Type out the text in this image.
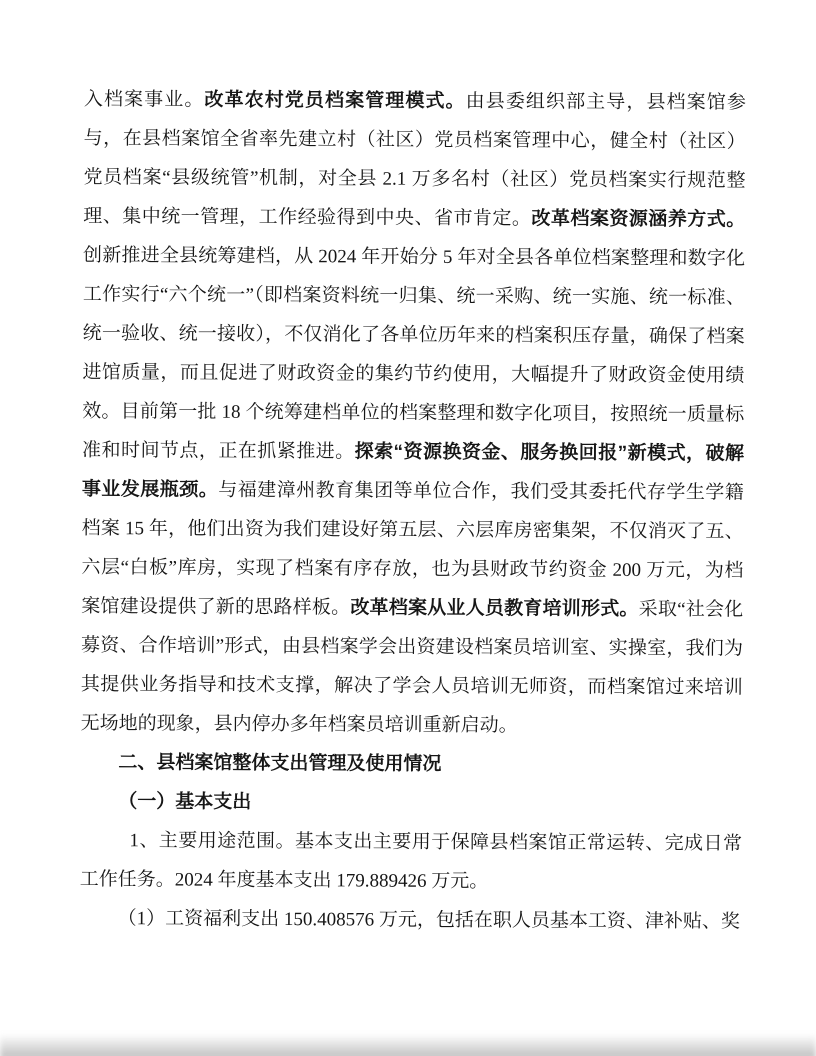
入档案事业。改革农村党员档案管理模式。由县委组织部主导，县档案馆参与，在县档案馆全省率先建立村（社区）党员档案管理中心，健全村（社区）党员档案“县级统管”机制，对全县 2.1 万多名村（社区）党员档案实行规范整理、集中统一管理，工作经验得到中央、省市肯定。改革档案资源涵养方式。创新推进全县统筹建档，从 2024 年开始分 5 年对全县各单位档案整理和数字化工作实行“六个统一”（即档案资料统一归集、统一采购、统一实施、统一标准、统一验收、统一接收），不仅消化了各单位历年来的档案积压存量，确保了档案进馆质量，而且促进了财政资金的集约节约使用，大幅提升了财政资金使用绩效。目前第一批 18 个统筹建档单位的档案整理和数字化项目，按照统一质量标准和时间节点，正在抓紧推进。探索“资源换资金、服务换回报”新模式，破解事业发展瓶颈。与福建漳州教育集团等单位合作，我们受其委托代存学生学籍档案 15 年，他们出资为我们建设好第五层、六层库房密集架，不仅消灭了五、六层“白板”库房，实现了档案有序存放，也为县财政节约资金 200 万元，为档案馆建设提供了新的思路样板。改革档案从业人员教育培训形式。采取“社会化募资、合作培训”形式，由县档案学会出资建设档案员培训室、实操室，我们为其提供业务指导和技术支撑，解决了学会人员培训无师资，而档案馆过来培训无场地的现象，县内停办多年档案员培训重新启动。

二、县档案馆整体支出管理及使用情况

（一）基本支出

1、主要用途范围。基本支出主要用于保障县档案馆正常运转、完成日常工作任务。2024 年度基本支出 179.889426 万元。

（1）工资福利支出 150.408576 万元，包括在职人员基本工资、津补贴、奖
